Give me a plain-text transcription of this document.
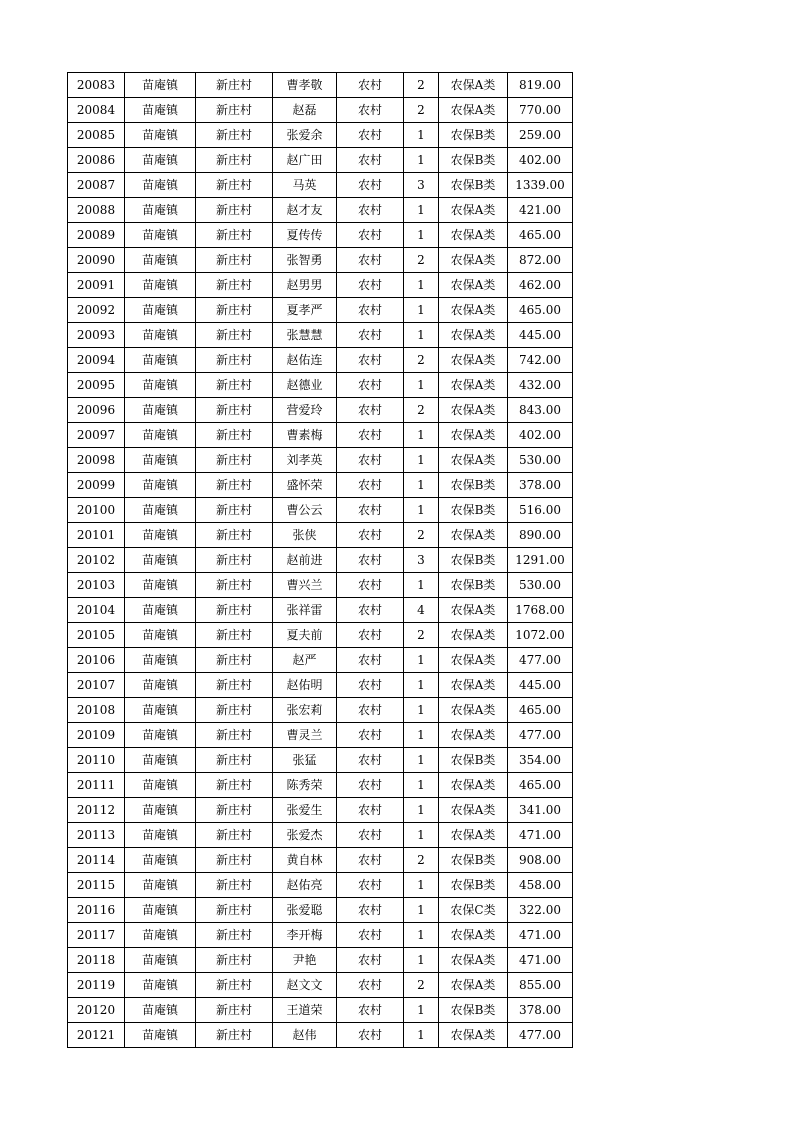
20083	苗庵镇	新庄村	曹孝敬	农村	2	农保A类	819.00
20084	苗庵镇	新庄村	赵磊	农村	2	农保A类	770.00
20085	苗庵镇	新庄村	张爱余	农村	1	农保B类	259.00
20086	苗庵镇	新庄村	赵广田	农村	1	农保B类	402.00
20087	苗庵镇	新庄村	马英	农村	3	农保B类	1339.00
20088	苗庵镇	新庄村	赵才友	农村	1	农保A类	421.00
20089	苗庵镇	新庄村	夏传传	农村	1	农保A类	465.00
20090	苗庵镇	新庄村	张智勇	农村	2	农保A类	872.00
20091	苗庵镇	新庄村	赵男男	农村	1	农保A类	462.00
20092	苗庵镇	新庄村	夏孝严	农村	1	农保A类	465.00
20093	苗庵镇	新庄村	张慧慧	农村	1	农保A类	445.00
20094	苗庵镇	新庄村	赵佑连	农村	2	农保A类	742.00
20095	苗庵镇	新庄村	赵德业	农村	1	农保A类	432.00
20096	苗庵镇	新庄村	营爱玲	农村	2	农保A类	843.00
20097	苗庵镇	新庄村	曹素梅	农村	1	农保A类	402.00
20098	苗庵镇	新庄村	刘孝英	农村	1	农保A类	530.00
20099	苗庵镇	新庄村	盛怀荣	农村	1	农保B类	378.00
20100	苗庵镇	新庄村	曹公云	农村	1	农保B类	516.00
20101	苗庵镇	新庄村	张侠	农村	2	农保A类	890.00
20102	苗庵镇	新庄村	赵前进	农村	3	农保B类	1291.00
20103	苗庵镇	新庄村	曹兴兰	农村	1	农保B类	530.00
20104	苗庵镇	新庄村	张祥雷	农村	4	农保A类	1768.00
20105	苗庵镇	新庄村	夏夫前	农村	2	农保A类	1072.00
20106	苗庵镇	新庄村	赵严	农村	1	农保A类	477.00
20107	苗庵镇	新庄村	赵佑明	农村	1	农保A类	445.00
20108	苗庵镇	新庄村	张宏莉	农村	1	农保A类	465.00
20109	苗庵镇	新庄村	曹灵兰	农村	1	农保A类	477.00
20110	苗庵镇	新庄村	张猛	农村	1	农保B类	354.00
20111	苗庵镇	新庄村	陈秀荣	农村	1	农保A类	465.00
20112	苗庵镇	新庄村	张爱生	农村	1	农保A类	341.00
20113	苗庵镇	新庄村	张爱杰	农村	1	农保A类	471.00
20114	苗庵镇	新庄村	黄自林	农村	2	农保B类	908.00
20115	苗庵镇	新庄村	赵佑亮	农村	1	农保B类	458.00
20116	苗庵镇	新庄村	张爱聪	农村	1	农保C类	322.00
20117	苗庵镇	新庄村	李开梅	农村	1	农保A类	471.00
20118	苗庵镇	新庄村	尹艳	农村	1	农保A类	471.00
20119	苗庵镇	新庄村	赵文文	农村	2	农保A类	855.00
20120	苗庵镇	新庄村	王道荣	农村	1	农保B类	378.00
20121	苗庵镇	新庄村	赵伟	农村	1	农保A类	477.00
